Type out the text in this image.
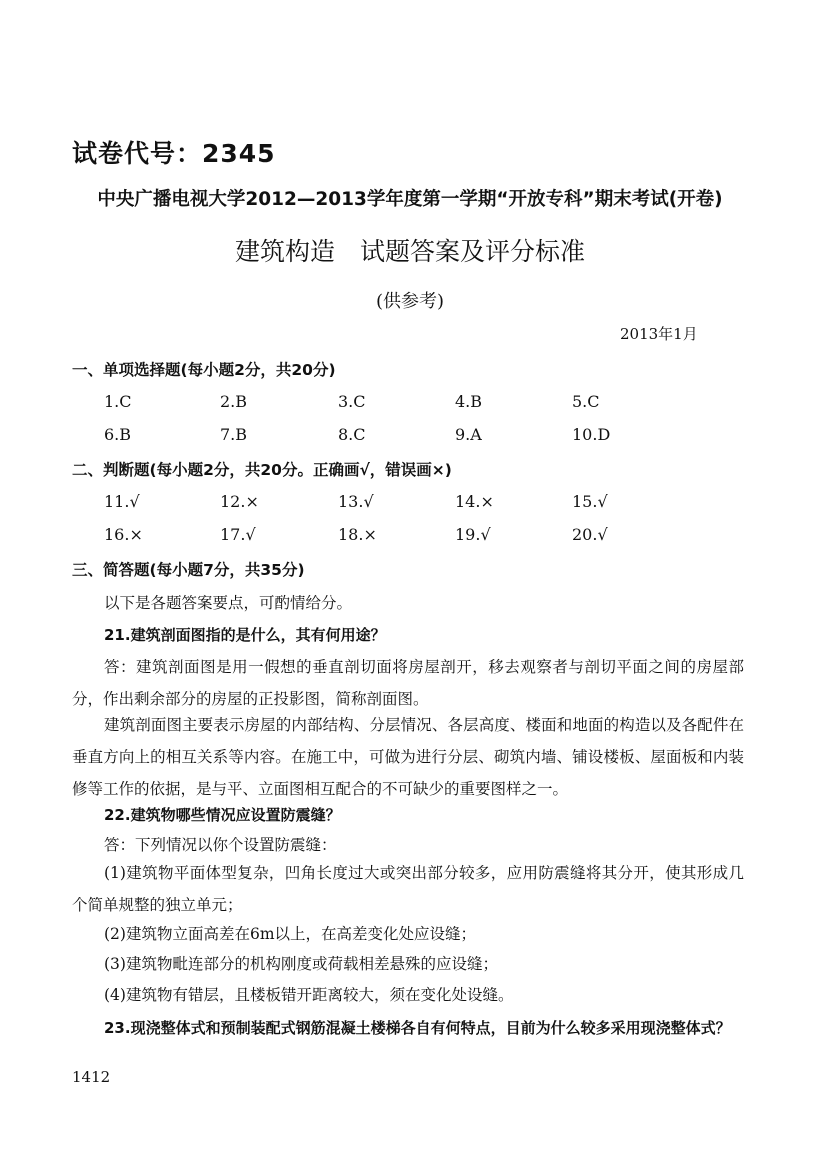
试卷代号：2345
中央广播电视大学2012—2013学年度第一学期“开放专科”期末考试(开卷)
建筑构造　试题答案及评分标准
(供参考)
2013年1月
一、单项选择题(每小题2分，共20分)
1.C	2.B	3.C	4.B	5.C
6.B	7.B	8.C	9.A	10.D
二、判断题(每小题2分，共20分。正确画√，错误画×)
11.√	12.×	13.√	14.×	15.√
16.×	17.√	18.×	19.√	20.√
三、简答题(每小题7分，共35分)
以下是各题答案要点，可酌情给分。
21.建筑剖面图指的是什么，其有何用途？
答：建筑剖面图是用一假想的垂直剖切面将房屋剖开，移去观察者与剖切平面之间的房屋部分，作出剩余部分的房屋的正投影图，简称剖面图。
建筑剖面图主要表示房屋的内部结构、分层情况、各层高度、楼面和地面的构造以及各配件在垂直方向上的相互关系等内容。在施工中，可做为进行分层、砌筑内墙、铺设楼板、屋面板和内装修等工作的依据，是与平、立面图相互配合的不可缺少的重要图样之一。
22.建筑物哪些情况应设置防震缝？
答：下列情况以你个设置防震缝：
(1)建筑物平面体型复杂，凹角长度过大或突出部分较多，应用防震缝将其分开，使其形成几个简单规整的独立单元；
(2)建筑物立面高差在6m以上，在高差变化处应设缝；
(3)建筑物毗连部分的机构刚度或荷载相差悬殊的应设缝；
(4)建筑物有错层，且楼板错开距离较大，须在变化处设缝。
23.现浇整体式和预制装配式钢筋混凝土楼梯各自有何特点，目前为什么较多采用现浇整体式？
1412
